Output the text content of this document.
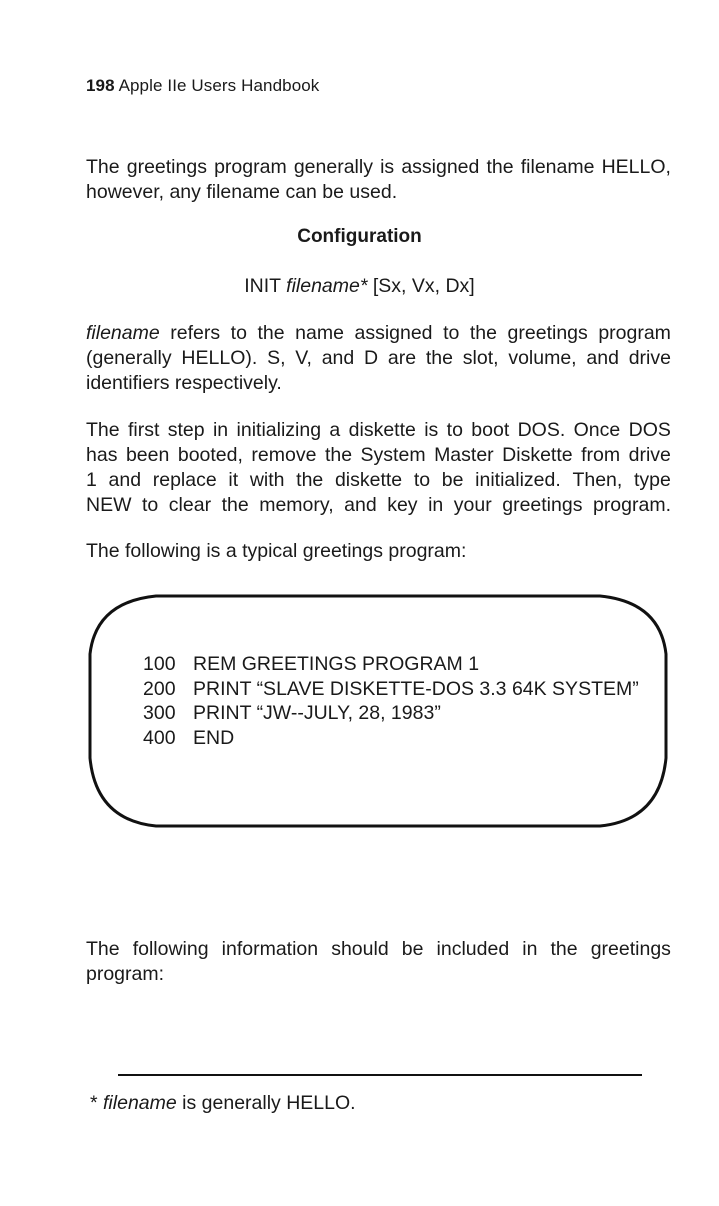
198 Apple IIe Users Handbook
The greetings program generally is assigned the filename HELLO,
however, any filename can be used.
Configuration
INIT filename* [Sx, Vx, Dx]
filename refers to the name assigned to the greetings program
(generally HELLO). S, V, and D are the slot, volume, and drive
identifiers respectively.
The first step in initializing a diskette is to boot DOS. Once DOS
has been booted, remove the System Master Diskette from drive
1 and replace it with the diskette to be initialized. Then, type
NEW to clear the memory, and key in your greetings program.
The following is a typical greetings program:
100 REM GREETINGS PROGRAM 1
200 PRINT “SLAVE DISKETTE-DOS 3.3 64K SYSTEM”
300 PRINT “JW--JULY, 28, 1983”
400 END
The following information should be included in the greetings
program:
* filename is generally HELLO.
